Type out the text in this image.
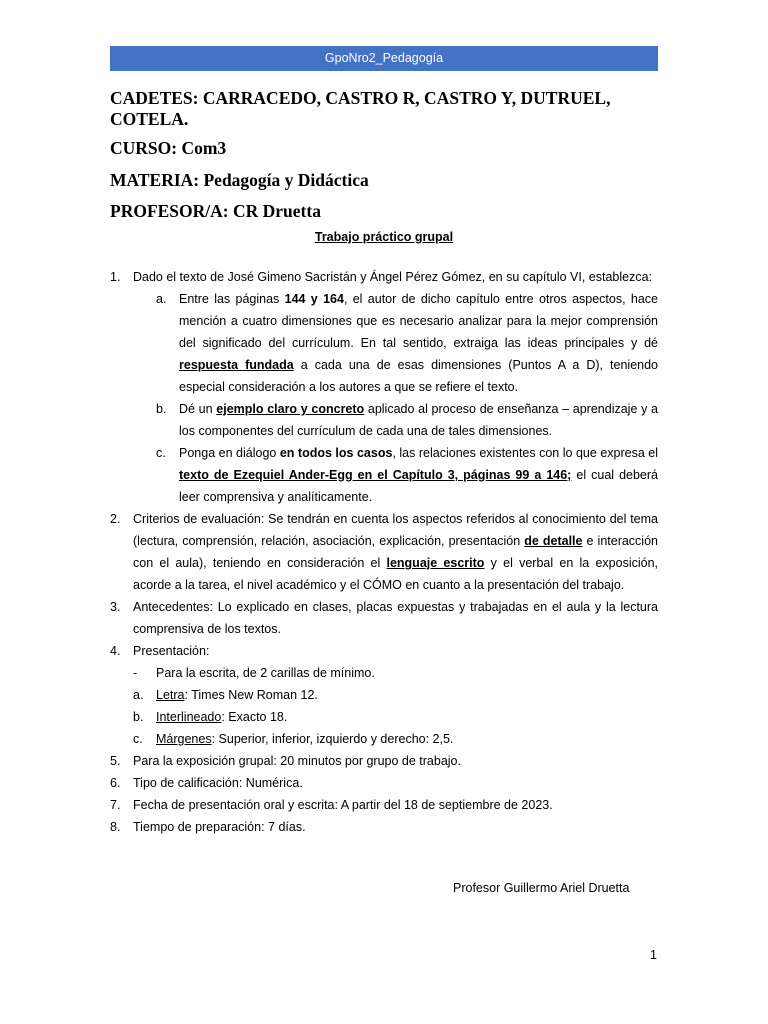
GpoNro2_Pedagogía
CADETES: CARRACEDO, CASTRO R, CASTRO Y, DUTRUEL, COTELA.
CURSO: Com3
MATERIA: Pedagogía y Didáctica
PROFESOR/A: CR Druetta
Trabajo práctico grupal
1. Dado el texto de José Gimeno Sacristán y Ángel Pérez Gómez, en su capítulo VI, establezca:
a. Entre las páginas 144 y 164, el autor de dicho capítulo entre otros aspectos, hace mención a cuatro dimensiones que es necesario analizar para la mejor comprensión del significado del currículum. En tal sentido, extraiga las ideas principales y dé respuesta fundada a cada una de esas dimensiones (Puntos A a D), teniendo especial consideración a los autores a que se refiere el texto.
b. Dé un ejemplo claro y concreto aplicado al proceso de enseñanza – aprendizaje y a los componentes del currículum de cada una de tales dimensiones.
c. Ponga en diálogo en todos los casos, las relaciones existentes con lo que expresa el texto de Ezequiel Ander-Egg en el Capítulo 3, páginas 99 a 146; el cual deberá leer comprensiva y analíticamente.
2. Criterios de evaluación: Se tendrán en cuenta los aspectos referidos al conocimiento del tema (lectura, comprensión, relación, asociación, explicación, presentación de detalle e interacción con el aula), teniendo en consideración el lenguaje escrito y el verbal en la exposición, acorde a la tarea, el nivel académico y el CÓMO en cuanto a la presentación del trabajo.
3. Antecedentes: Lo explicado en clases, placas expuestas y trabajadas en el aula y la lectura comprensiva de los textos.
4. Presentación:
- Para la escrita, de 2 carillas de mínimo.
a. Letra: Times New Roman 12.
b. Interlineado: Exacto 18.
c. Márgenes: Superior, inferior, izquierdo y derecho: 2,5.
5. Para la exposición grupal: 20 minutos por grupo de trabajo.
6. Tipo de calificación: Numérica.
7. Fecha de presentación oral y escrita: A partir del 18 de septiembre de 2023.
8. Tiempo de preparación: 7 días.
Profesor Guillermo Ariel Druetta
1
